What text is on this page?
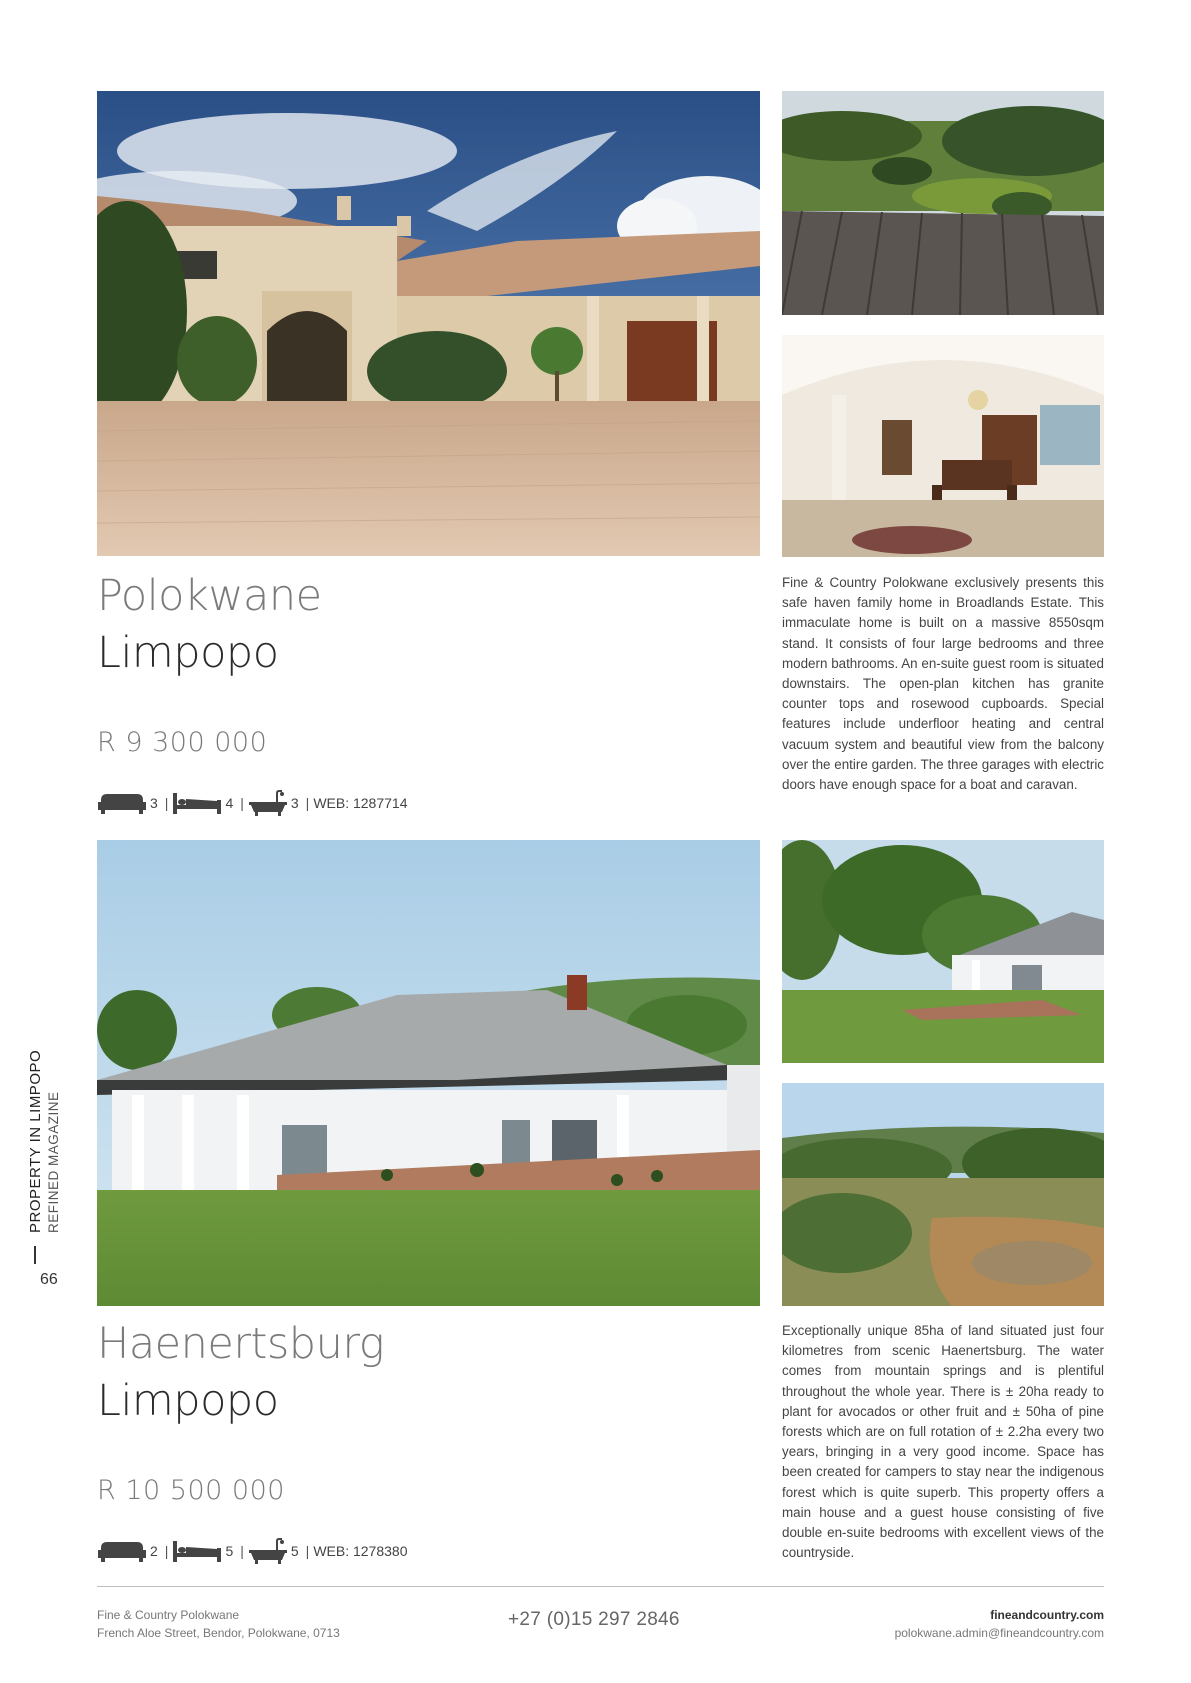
Polokwane
Limpopo
R 9 300 000
3 |	4 |	3 | WEB: 1287714

Fine & Country Polokwane exclusively presents this safe haven family home in Broadlands Estate. This immaculate home is built on a massive 8550sqm stand. It consists of four large bedrooms and three modern bathrooms. An en-suite guest room is situated downstairs. The open-plan kitchen has granite counter tops and rosewood cupboards. Special features include underfloor heating and central vacuum system and beautiful view from the balcony over the entire garden. The three garages with electric doors have enough space for a boat and caravan.

Haenertsburg
Limpopo
R 10 500 000
2 |	5 |	5 | WEB: 1278380

Exceptionally unique 85ha of land situated just four kilometres from scenic Haenertsburg. The water comes from mountain springs and is plentiful throughout the whole year. There is ± 20ha ready to plant for avocados or other fruit and ± 50ha of pine forests which are on full rotation of ± 2.2ha every two years, bringing in a very good income. Space has been created for campers to stay near the indigenous forest which is quite superb. This property offers a main house and a guest house consisting of five double en-suite bedrooms with excellent views of the countryside.

PROPERTY IN LIMPOPO REFINED MAGAZINE
66
Fine & Country Polokwane
French Aloe Street, Bendor, Polokwane, 0713
+27 (0)15 297 2846	fineandcountry.com
polokwane.admin@fineandcountry.com
